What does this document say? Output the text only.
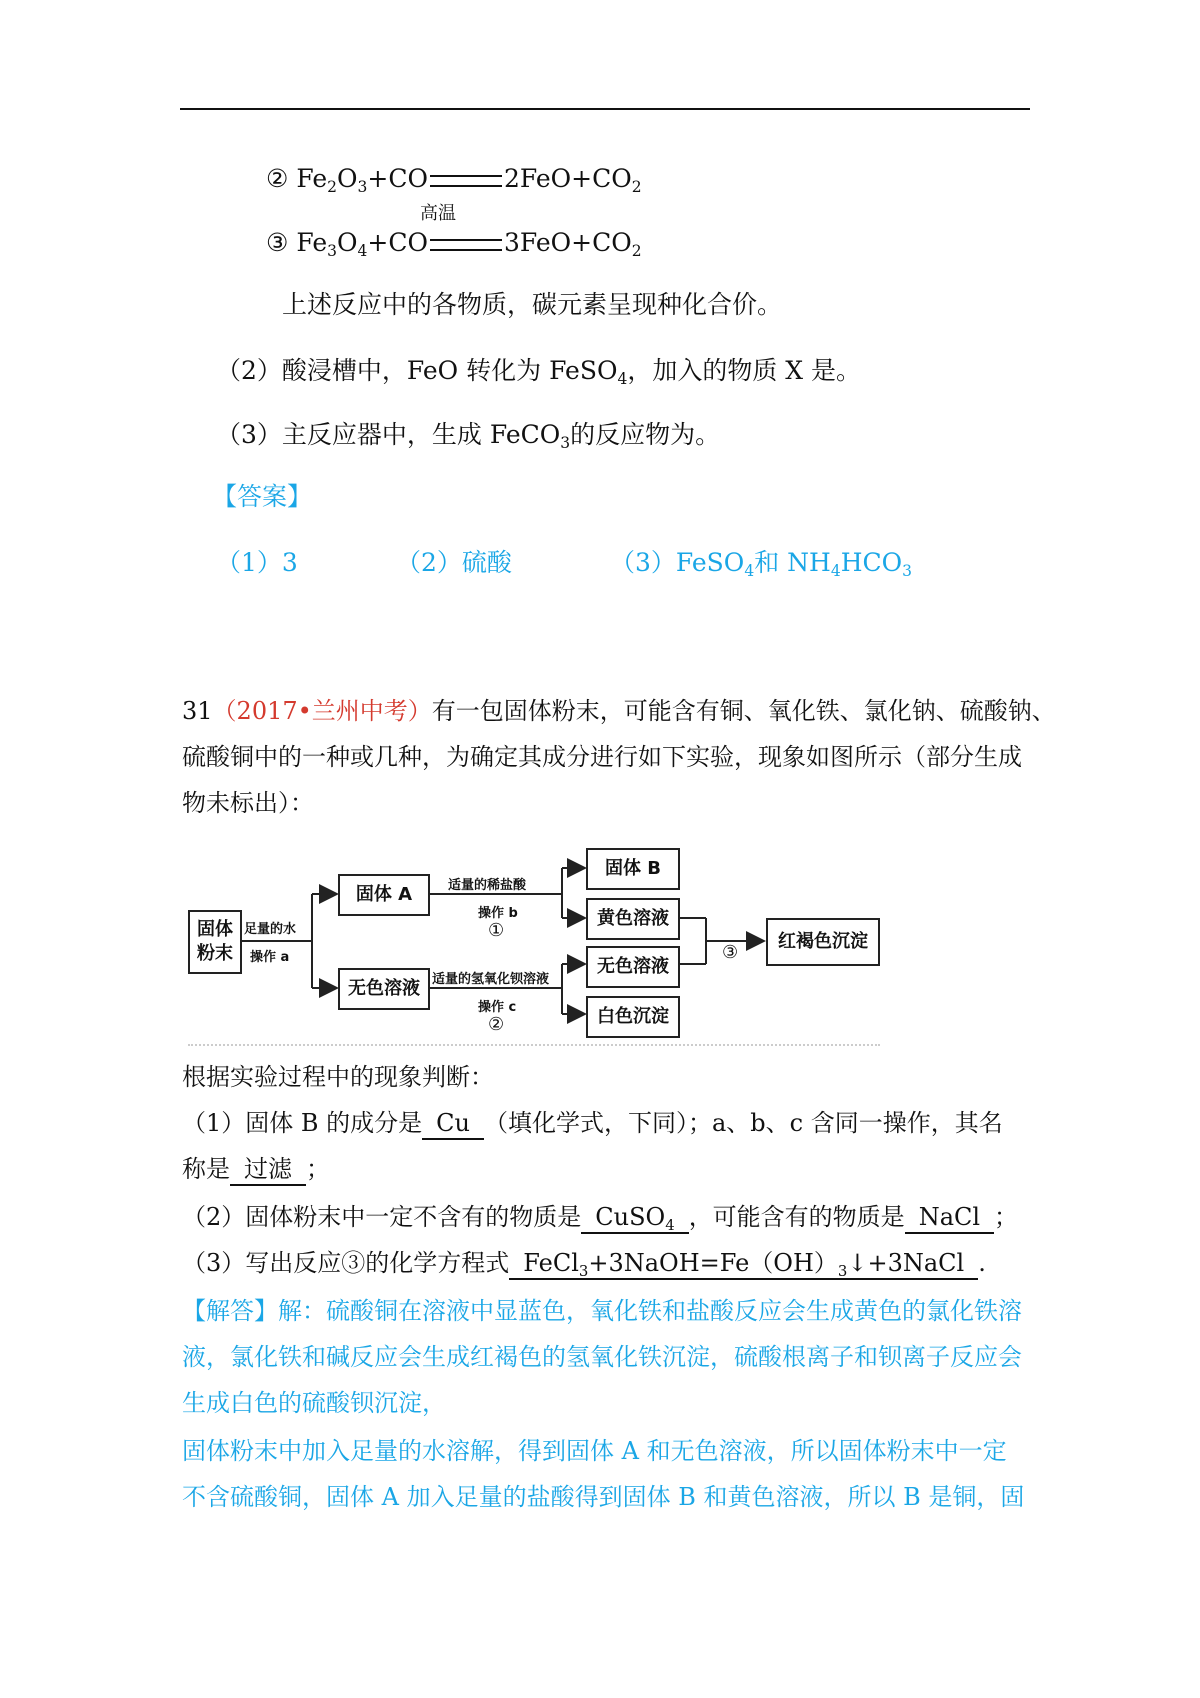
② $Fe_2O_3+CO$	$2FeO+CO_2$
高温
③ $Fe_3O_4+CO$	$3FeO+CO_2$
上述反应中的各物质，碳元素呈现种化合价。
（2）酸浸槽中，FeO 转化为 FeSO$_4$，加入的物质 X 是。
（3）主反应器中，生成 FeCO$_3$的反应物为。
【答案】
（1）3	（2）硫酸	（3）FeSO$_4$和 $NH_4HCO_3$
31（2017•兰州中考）有一包固体粉末，可能含有铜、氧化铁、氯化钠、硫酸钠、
硫酸铜中的一种或几种，为确定其成分进行如下实验，现象如图所示（部分生成
物未标出）：
固体
粉末
足量的水
操作 a
固体 A
无色溶液
适量的稀盐酸
操作 b
①
适量的氢氧化钡溶液
操作 c
②
固体 B
黄色溶液
无色溶液
白色沉淀
③
红褐色沉淀
根据实验过程中的现象判断：
（1）固体 B 的成分是 Cu （填化学式，下同）；a、b、c 含同一操作，其名
称是 过滤 ；
（2）固体粉末中一定不含有的物质是 CuSO$_4$ ，可能含有的物质是 NaCl ；
（3）写出反应③的化学方程式 $FeCl_3+3NaOH=Fe(OH)_3↓+3NaCl$ .
【解答】解：硫酸铜在溶液中显蓝色，氧化铁和盐酸反应会生成黄色的氯化铁溶
液，氯化铁和碱反应会生成红褐色的氢氧化铁沉淀，硫酸根离子和钡离子反应会
生成白色的硫酸钡沉淀，
固体粉末中加入足量的水溶解，得到固体 A 和无色溶液，所以固体粉末中一定
不含硫酸铜，固体 A 加入足量的盐酸得到固体 B 和黄色溶液，所以 B 是铜，固
